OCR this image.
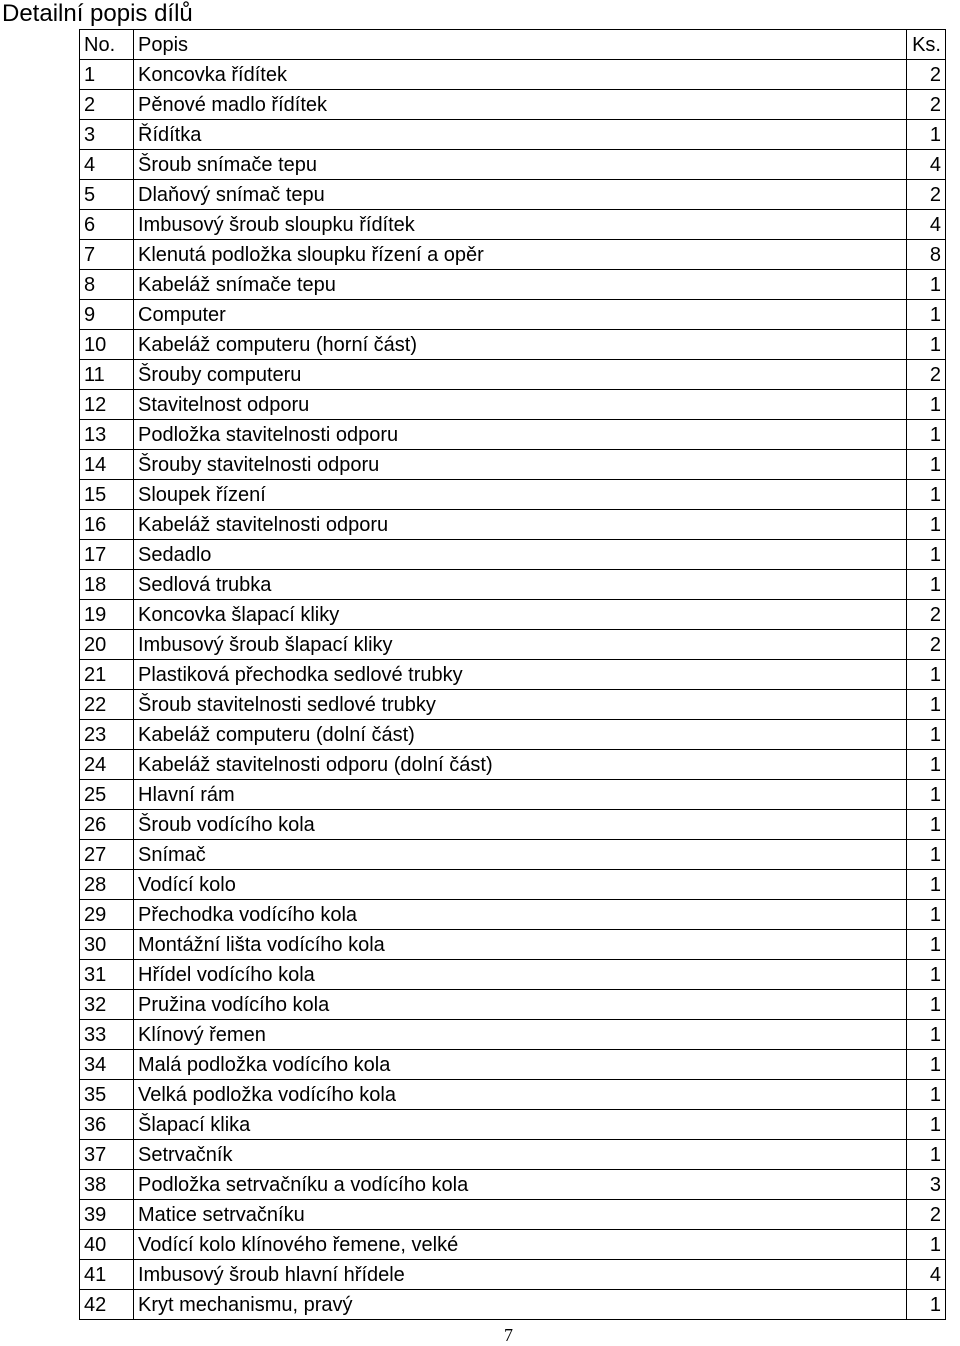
Detailní popis dílů
No.	Popis	Ks.
1	Koncovka řídítek	2
2	Pěnové madlo řídítek	2
3	Řídítka	1
4	Šroub snímače tepu	4
5	Dlaňový snímač tepu	2
6	Imbusový šroub sloupku řídítek	4
7	Klenutá podložka sloupku řízení a opěr	8
8	Kabeláž snímače tepu	1
9	Computer	1
10	Kabeláž computeru (horní část)	1
11	Šrouby computeru	2
12	Stavitelnost odporu	1
13	Podložka stavitelnosti odporu	1
14	Šrouby stavitelnosti odporu	1
15	Sloupek řízení	1
16	Kabeláž stavitelnosti odporu	1
17	Sedadlo	1
18	Sedlová trubka	1
19	Koncovka šlapací kliky	2
20	Imbusový šroub šlapací kliky	2
21	Plastiková přechodka sedlové trubky	1
22	Šroub stavitelnosti sedlové trubky	1
23	Kabeláž computeru (dolní část)	1
24	Kabeláž stavitelnosti odporu (dolní část)	1
25	Hlavní rám	1
26	Šroub vodícího kola	1
27	Snímač	1
28	Vodící kolo	1
29	Přechodka vodícího kola	1
30	Montážní lišta vodícího kola	1
31	Hřídel vodícího kola	1
32	Pružina vodícího kola	1
33	Klínový řemen	1
34	Malá podložka vodícího kola	1
35	Velká podložka vodícího kola	1
36	Šlapací klika	1
37	Setrvačník	1
38	Podložka setrvačníku a vodícího kola	3
39	Matice setrvačníku	2
40	Vodící kolo klínového řemene, velké	1
41	Imbusový šroub hlavní hřídele	4
42	Kryt mechanismu, pravý	1
7
